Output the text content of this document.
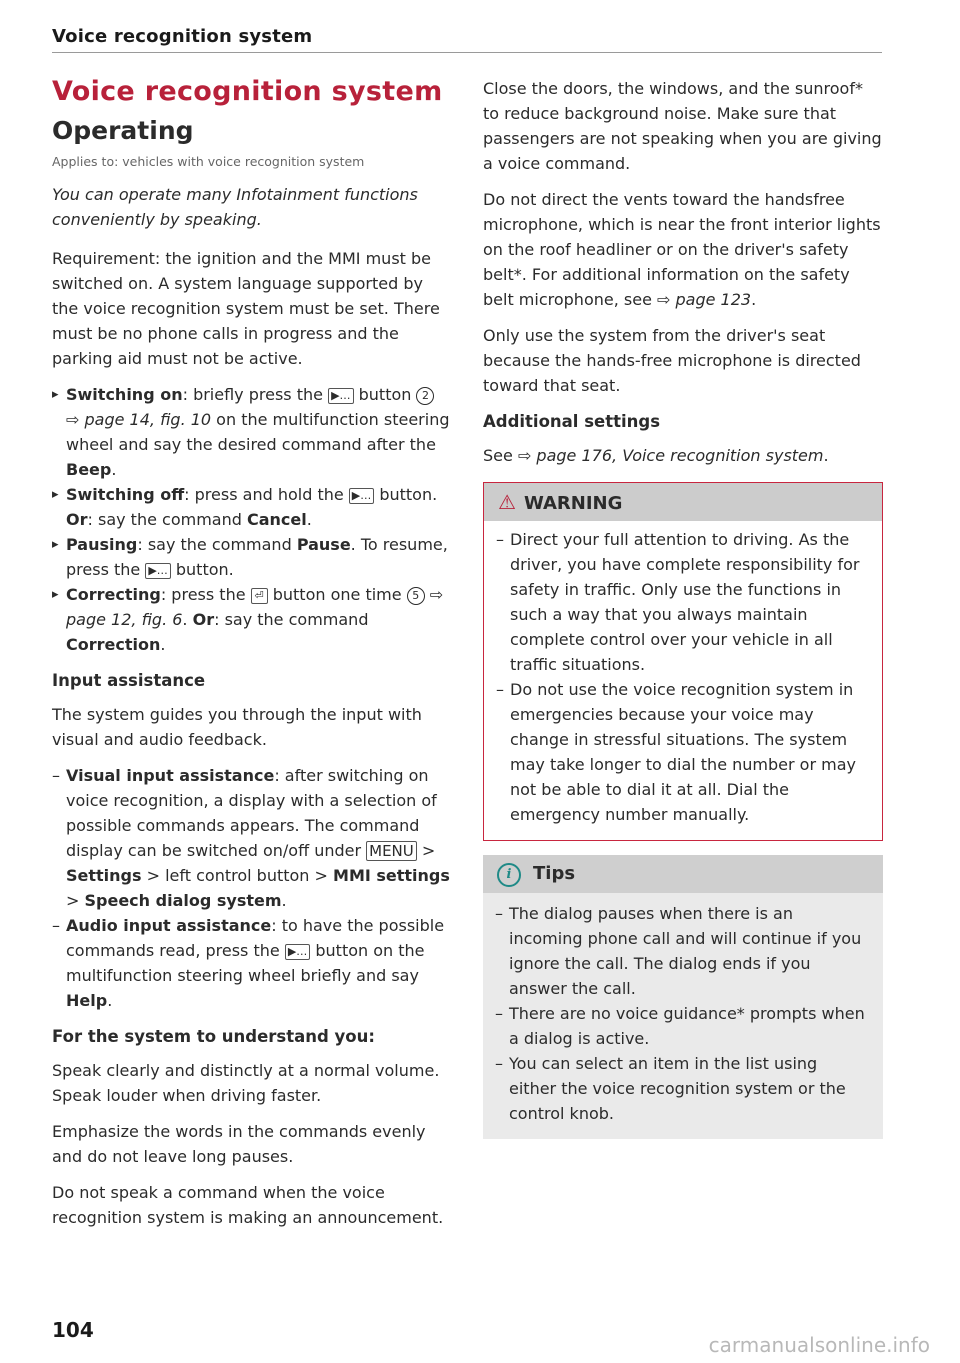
Voice recognition system
Voice recognition system
Operating
Applies to: vehicles with voice recognition system
You can operate many Infotainment functions conveniently by speaking.

Requirement: the ignition and the MMI must be switched on. A system language supported by the voice recognition system must be set. There must be no phone calls in progress and the parking aid must not be active.

▸ Switching on: briefly press the ▶… button 2 ⇨ page 14, fig. 10 on the multifunction steering wheel and say the desired command after the Beep.
▸ Switching off: press and hold the ▶… button.
Or: say the command Cancel.
▸ Pausing: say the command Pause. To resume, press the ▶… button.
▸ Correcting: press the ⏎ button one time 5 ⇨ page 12, fig. 6. Or: say the command Correction.
Input assistance

The system guides you through the input with visual and audio feedback.

– Visual input assistance: after switching on voice recognition, a display with a selection of possible commands appears. The command display can be switched on/off under MENU > Settings > left control button > MMI settings > Speech dialog system.
– Audio input assistance: to have the possible commands read, press the ▶… button on the multifunction steering wheel briefly and say Help.
For the system to understand you:

Speak clearly and distinctly at a normal volume. Speak louder when driving faster.

Emphasize the words in the commands evenly and do not leave long pauses.

Do not speak a command when the voice recognition system is making an announcement.

Close the doors, the windows, and the sunroof* to reduce background noise. Make sure that passengers are not speaking when you are giving a voice command.

Do not direct the vents toward the handsfree microphone, which is near the front interior lights on the roof headliner or on the driver's safety belt*. For additional information on the safety belt microphone, see ⇨ page 123.

Only use the system from the driver's seat because the hands-free microphone is directed toward that seat.

Additional settings

See ⇨ page 176, Voice recognition system.

⚠ WARNING
– Direct your full attention to driving. As the driver, you have complete responsibility for safety in traffic. Only use the functions in such a way that you always maintain complete control over your vehicle in all traffic situations.
– Do not use the voice recognition system in emergencies because your voice may change in stressful situations. The system may take longer to dial the number or may not be able to dial it at all. Dial the emergency number manually.
i Tips
– The dialog pauses when there is an incoming phone call and will continue if you ignore the call. The dialog ends if you answer the call.
– There are no voice guidance* prompts when a dialog is active.
– You can select an item in the list using either the voice recognition system or the control knob.
104
carmanualsonline.info
